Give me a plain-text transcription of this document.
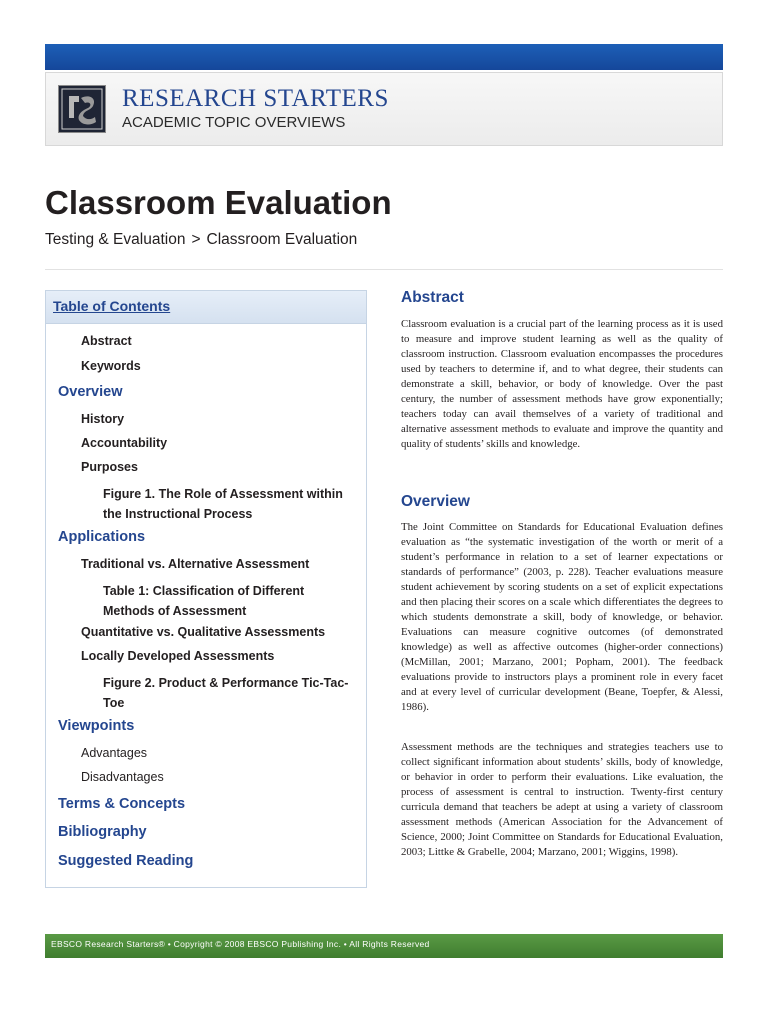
RESEARCH STARTERS
ACADEMIC TOPIC OVERVIEWS
Classroom Evaluation
Testing & Evaluation > Classroom Evaluation
Table of Contents
Abstract
Keywords
Overview
History
Accountability
Purposes
Figure 1. The Role of Assessment within
the Instructional Process
Applications
Traditional vs. Alternative Assessment
Table 1: Classification of Different
Methods of Assessment
Quantitative vs. Qualitative Assessments
Locally Developed Assessments
Figure 2. Product & Performance Tic-Tac-
Toe
Viewpoints
Advantages
Disadvantages
Terms & Concepts
Bibliography
Suggested Reading
Abstract

Classroom evaluation is a crucial part of the learning process as it is used to measure and improve student learning as well as the quality of classroom instruction. Classroom evaluation encompasses the procedures used by teachers to determine if, and to what degree, their students can demonstrate a skill, behavior, or body of knowledge. Over the past century, the number of assessment methods have grow exponentially; teachers today can avail themselves of a variety of traditional and alternative assessment methods to evaluate and improve the quantity and quality of students’ skills and knowledge.

Overview

The Joint Committee on Standards for Educational Evaluation defines evaluation as “the systematic investigation of the worth or merit of a student’s performance in relation to a set of learner expectations or standards of performance” (2003, p. 228). Teacher evaluations measure student achievement by scoring students on a set of explicit expectations and then placing their scores on a scale which differentiates the degrees to which students demonstrate a skill, body of knowledge, or behavior. Evaluations can measure cognitive outcomes (of demonstrated knowledge) as well as affective outcomes (higher-order connections) (McMillan, 2001; Marzano, 2001; Popham, 2001). The feedback evaluations provide to instructors plays a prominent role in every facet and at every level of curricular development (Beane, Toepfer, & Alessi, 1986).

Assessment methods are the techniques and strategies teachers use to collect significant information about students’ skills, body of knowledge, or behavior in order to perform their evaluations. Like evaluation, the process of assessment is central to instruction. Twenty-first century curricula demand that teachers be adept at using a variety of classroom assessment methods (American Association for the Advancement of Science, 2000; Joint Committee on Standards for Educational Evaluation, 2003; Littke & Grabelle, 2004; Marzano, 2001; Wiggins, 1998).

EBSCO Research Starters® • Copyright © 2008 EBSCO Publishing Inc. • All Rights Reserved
